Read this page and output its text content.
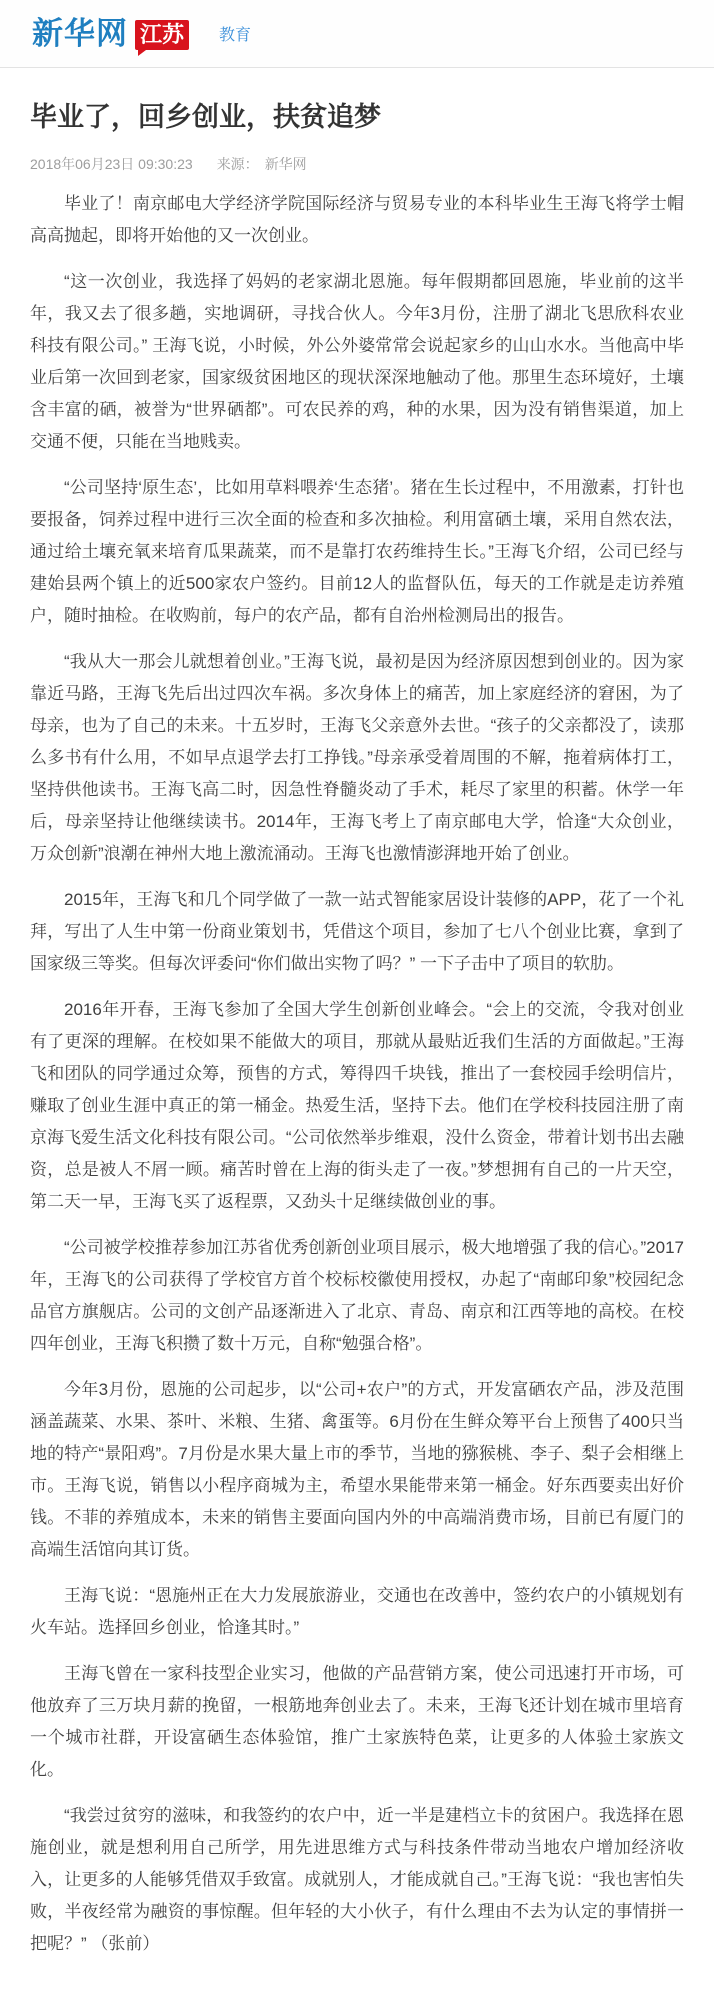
新华网 江苏	教育
毕业了，回乡创业，扶贫追梦
2018年06月23日 09:30:23 来源： 新华网

毕业了！南京邮电大学经济学院国际经济与贸易专业的本科毕业生王海飞将学士帽高高抛起，即将开始他的又一次创业。

“这一次创业，我选择了妈妈的老家湖北恩施。每年假期都回恩施，毕业前的这半年，我又去了很多趟，实地调研，寻找合伙人。今年3月份，注册了湖北飞思欣科农业科技有限公司。” 王海飞说，小时候，外公外婆常常会说起家乡的山山水水。当他高中毕业后第一次回到老家，国家级贫困地区的现状深深地触动了他。那里生态环境好，土壤含丰富的硒，被誉为“世界硒都”。可农民养的鸡，种的水果，因为没有销售渠道，加上交通不便，只能在当地贱卖。

“公司坚持‘原生态’，比如用草料喂养‘生态猪’。猪在生长过程中，不用激素，打针也要报备，饲养过程中进行三次全面的检查和多次抽检。利用富硒土壤，采用自然农法，通过给土壤充氧来培育瓜果蔬菜，而不是靠打农药维持生长。”王海飞介绍，公司已经与建始县两个镇上的近500家农户签约。目前12人的监督队伍，每天的工作就是走访养殖户，随时抽检。在收购前，每户的农产品，都有自治州检测局出的报告。

“我从大一那会儿就想着创业。”王海飞说，最初是因为经济原因想到创业的。因为家靠近马路，王海飞先后出过四次车祸。多次身体上的痛苦，加上家庭经济的窘困，为了母亲，也为了自己的未来。十五岁时，王海飞父亲意外去世。“孩子的父亲都没了，读那么多书有什么用，不如早点退学去打工挣钱。”母亲承受着周围的不解，拖着病体打工，坚持供他读书。王海飞高二时，因急性脊髓炎动了手术，耗尽了家里的积蓄。休学一年后，母亲坚持让他继续读书。2014年，王海飞考上了南京邮电大学，恰逢“大众创业，万众创新”浪潮在神州大地上激流涌动。王海飞也激情澎湃地开始了创业。

2015年，王海飞和几个同学做了一款一站式智能家居设计装修的APP，花了一个礼拜，写出了人生中第一份商业策划书，凭借这个项目，参加了七八个创业比赛，拿到了国家级三等奖。但每次评委问“你们做出实物了吗？” 一下子击中了项目的软肋。

2016年开春，王海飞参加了全国大学生创新创业峰会。“会上的交流，令我对创业有了更深的理解。在校如果不能做大的项目，那就从最贴近我们生活的方面做起。”王海飞和团队的同学通过众筹，预售的方式，筹得四千块钱，推出了一套校园手绘明信片，赚取了创业生涯中真正的第一桶金。热爱生活，坚持下去。他们在学校科技园注册了南京海飞爱生活文化科技有限公司。“公司依然举步维艰，没什么资金，带着计划书出去融资，总是被人不屑一顾。痛苦时曾在上海的街头走了一夜。”梦想拥有自己的一片天空，第二天一早，王海飞买了返程票，又劲头十足继续做创业的事。

“公司被学校推荐参加江苏省优秀创新创业项目展示，极大地增强了我的信心。”2017年，王海飞的公司获得了学校官方首个校标校徽使用授权，办起了“南邮印象”校园纪念品官方旗舰店。公司的文创产品逐渐进入了北京、青岛、南京和江西等地的高校。在校四年创业，王海飞积攒了数十万元，自称“勉强合格”。

今年3月份，恩施的公司起步，以“公司+农户”的方式，开发富硒农产品，涉及范围涵盖蔬菜、水果、茶叶、米粮、生猪、禽蛋等。6月份在生鲜众筹平台上预售了400只当地的特产“景阳鸡”。7月份是水果大量上市的季节，当地的猕猴桃、李子、梨子会相继上市。王海飞说，销售以小程序商城为主，希望水果能带来第一桶金。好东西要卖出好价钱。不菲的养殖成本，未来的销售主要面向国内外的中高端消费市场，目前已有厦门的高端生活馆向其订货。

王海飞说：“恩施州正在大力发展旅游业，交通也在改善中，签约农户的小镇规划有火车站。选择回乡创业，恰逢其时。”

王海飞曾在一家科技型企业实习，他做的产品营销方案，使公司迅速打开市场，可他放弃了三万块月薪的挽留，一根筋地奔创业去了。未来，王海飞还计划在城市里培育一个城市社群，开设富硒生态体验馆，推广土家族特色菜，让更多的人体验土家族文化。

“我尝过贫穷的滋味，和我签约的农户中，近一半是建档立卡的贫困户。我选择在恩施创业，就是想利用自己所学，用先进思维方式与科技条件带动当地农户增加经济收入，让更多的人能够凭借双手致富。成就别人，才能成就自己。”王海飞说：“我也害怕失败，半夜经常为融资的事惊醒。但年轻的大小伙子，有什么理由不去为认定的事情拼一把呢？” （张前）
